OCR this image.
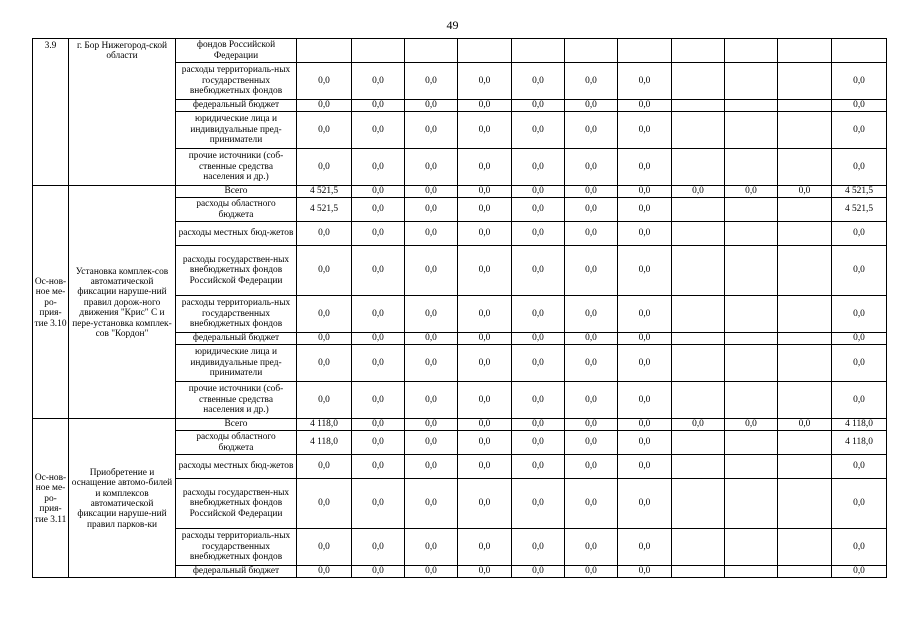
49
3.9	г. Бор Нижегород-ской области	фондов Российской Федерации											
		расходы территориаль-ных государственных внебюджетных фондов	0,0	0,0	0,0	0,0	0,0	0,0	0,0				0,0
		федеральный бюджет	0,0	0,0	0,0	0,0	0,0	0,0	0,0				0,0
		юридические лица и индивидуальные пред-приниматели	0,0	0,0	0,0	0,0	0,0	0,0	0,0				0,0
		прочие источники (соб-ственные средства населения и др.)	0,0	0,0	0,0	0,0	0,0	0,0	0,0				0,0
Ос-нов-ное ме-ро-прия-тие 3.10	Установка комплек-сов автоматической фиксации наруше-ний правил дорож-ного движения "Крис" С и пере-установка комплек-сов "Кордон"	Всего	4 521,5	0,0	0,0	0,0	0,0	0,0	0,0	0,0	0,0	0,0	4 521,5
		расходы областного бюджета	4 521,5	0,0	0,0	0,0	0,0	0,0	0,0				4 521,5
		расходы местных бюд-жетов	0,0	0,0	0,0	0,0	0,0	0,0	0,0				0,0
		расходы государствен-ных внебюджетных фондов Российской Федерации	0,0	0,0	0,0	0,0	0,0	0,0	0,0				0,0
		расходы территориаль-ных государственных внебюджетных фондов	0,0	0,0	0,0	0,0	0,0	0,0	0,0				0,0
		федеральный бюджет	0,0	0,0	0,0	0,0	0,0	0,0	0,0				0,0
		юридические лица и индивидуальные пред-приниматели	0,0	0,0	0,0	0,0	0,0	0,0	0,0				0,0
		прочие источники (соб-ственные средства населения и др.)	0,0	0,0	0,0	0,0	0,0	0,0	0,0				0,0
Ос-нов-ное ме-ро-прия-тие 3.11	Приобретение и оснащение автомо-билей и комплексов автоматической фиксации наруше-ний правил парков-ки	Всего	4 118,0	0,0	0,0	0,0	0,0	0,0	0,0	0,0	0,0	0,0	4 118,0
		расходы областного бюджета	4 118,0	0,0	0,0	0,0	0,0	0,0	0,0				4 118,0
		расходы местных бюд-жетов	0,0	0,0	0,0	0,0	0,0	0,0	0,0				0,0
		расходы государствен-ных внебюджетных фондов Российской Федерации	0,0	0,0	0,0	0,0	0,0	0,0	0,0				0,0
		расходы территориаль-ных государственных внебюджетных фондов	0,0	0,0	0,0	0,0	0,0	0,0	0,0				0,0
		федеральный бюджет	0,0	0,0	0,0	0,0	0,0	0,0	0,0				0,0
